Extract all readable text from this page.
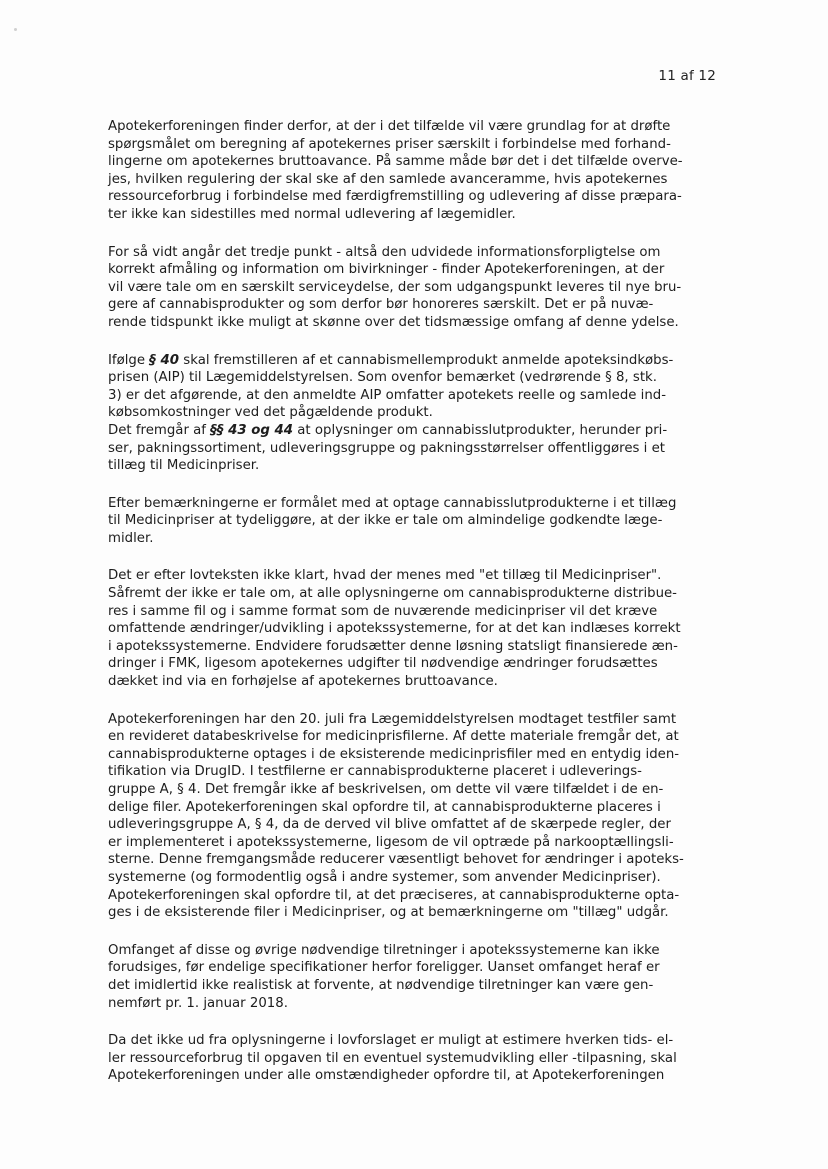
11 af 12

Apotekerforeningen finder derfor, at der i det tilfælde vil være grundlag for at drøfte
spørgsmålet om beregning af apotekernes priser særskilt i forbindelse med forhand-
lingerne om apotekernes bruttoavance. På samme måde bør det i det tilfælde overve-
jes, hvilken regulering der skal ske af den samlede avanceramme, hvis apotekernes
ressourceforbrug i forbindelse med færdigfremstilling og udlevering af disse præpara-
ter ikke kan sidestilles med normal udlevering af lægemidler.

For så vidt angår det tredje punkt - altså den udvidede informationsforpligtelse om
korrekt afmåling og information om bivirkninger - finder Apotekerforeningen, at der
vil være tale om en særskilt serviceydelse, der som udgangspunkt leveres til nye bru-
gere af cannabisprodukter og som derfor bør honoreres særskilt. Det er på nuvæ-
rende tidspunkt ikke muligt at skønne over det tidsmæssige omfang af denne ydelse.

Ifølge § 40 skal fremstilleren af et cannabismellemprodukt anmelde apoteksindkøbs-
prisen (AIP) til Lægemiddelstyrelsen. Som ovenfor bemærket (vedrørende § 8, stk.
3) er det afgørende, at den anmeldte AIP omfatter apotekets reelle og samlede ind-
købsomkostninger ved det pågældende produkt.
Det fremgår af §§ 43 og 44 at oplysninger om cannabisslutprodukter, herunder pri-
ser, pakningssortiment, udleveringsgruppe og pakningsstørrelser offentliggøres i et
tillæg til Medicinpriser.

Efter bemærkningerne er formålet med at optage cannabisslutprodukterne i et tillæg
til Medicinpriser at tydeliggøre, at der ikke er tale om almindelige godkendte læge-
midler.

Det er efter lovteksten ikke klart, hvad der menes med "et tillæg til Medicinpriser".
Såfremt der ikke er tale om, at alle oplysningerne om cannabisprodukterne distribue-
res i samme fil og i samme format som de nuværende medicinpriser vil det kræve
omfattende ændringer/udvikling i apotekssystemerne, for at det kan indlæses korrekt
i apotekssystemerne. Endvidere forudsætter denne løsning statsligt finansierede æn-
dringer i FMK, ligesom apotekernes udgifter til nødvendige ændringer forudsættes
dækket ind via en forhøjelse af apotekernes bruttoavance.

Apotekerforeningen har den 20. juli fra Lægemiddelstyrelsen modtaget testfiler samt
en revideret databeskrivelse for medicinprisfilerne. Af dette materiale fremgår det, at
cannabisprodukterne optages i de eksisterende medicinprisfiler med en entydig iden-
tifikation via DrugID. I testfilerne er cannabisprodukterne placeret i udleverings-
gruppe A, § 4. Det fremgår ikke af beskrivelsen, om dette vil være tilfældet i de en-
delige filer. Apotekerforeningen skal opfordre til, at cannabisprodukterne placeres i
udleveringsgruppe A, § 4, da de derved vil blive omfattet af de skærpede regler, der
er implementeret i apotekssystemerne, ligesom de vil optræde på narkooptællingsli-
sterne. Denne fremgangsmåde reducerer væsentligt behovet for ændringer i apoteks-
systemerne (og formodentlig også i andre systemer, som anvender Medicinpriser).
Apotekerforeningen skal opfordre til, at det præciseres, at cannabisprodukterne opta-
ges i de eksisterende filer i Medicinpriser, og at bemærkningerne om "tillæg" udgår.

Omfanget af disse og øvrige nødvendige tilretninger i apotekssystemerne kan ikke
forudsiges, før endelige specifikationer herfor foreligger. Uanset omfanget heraf er
det imidlertid ikke realistisk at forvente, at nødvendige tilretninger kan være gen-
nemført pr. 1. januar 2018.

Da det ikke ud fra oplysningerne i lovforslaget er muligt at estimere hverken tids- el-
ler ressourceforbrug til opgaven til en eventuel systemudvikling eller -tilpasning, skal
Apotekerforeningen under alle omstændigheder opfordre til, at Apotekerforeningen
